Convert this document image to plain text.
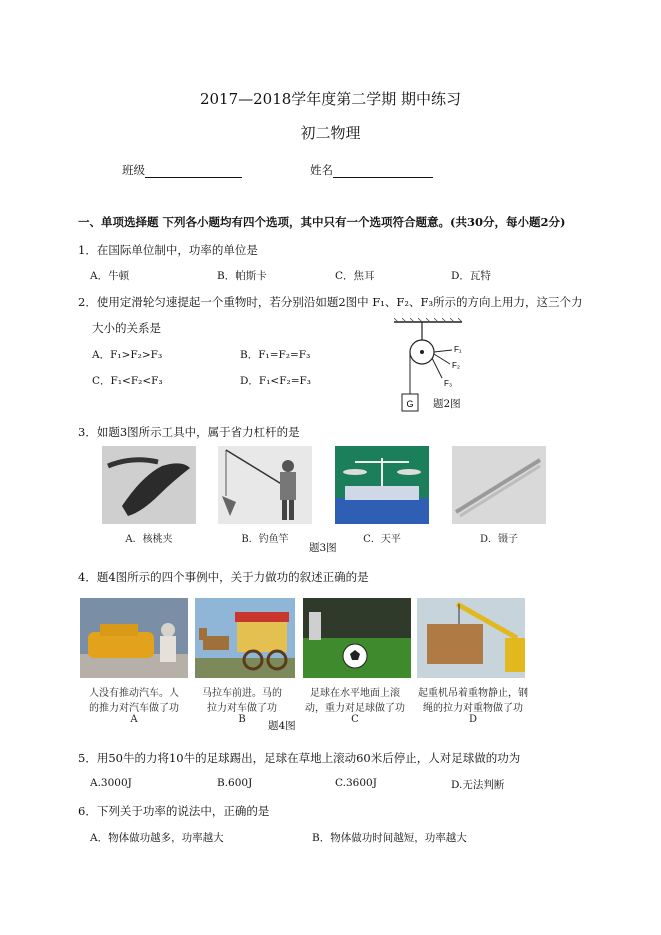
2017—2018学年度第二学期 期中练习
初二物理
班级	姓名
一、单项选择题 下列各小题均有四个选项，其中只有一个选项符合题意。(共30分，每小题2分)
1．在国际单位制中，功率的单位是
A．牛顿	B．帕斯卡	C．焦耳	D．瓦特
2．使用定滑轮匀速提起一个重物时，若分别沿如题2图中 F₁、F₂、F₃所示的方向上用力，这三个力
大小的关系是
A．F₁>F₂>F₃	B．F₁=F₂=F₃
C．F₁<F₂<F₃	D．F₁<F₂=F₃
G
F₁
F₂
F₃
题2图
3．如题3图所示工具中，属于省力杠杆的是
A．核桃夹	B．钓鱼竿	C．天平	D．镊子
题3图
4．题4图所示的四个事例中，关于力做功的叙述正确的是
人没有推动汽车。人
的推力对汽车做了功
A
马拉车前进。马的
拉力对车做了功
B
足球在水平地面上滚
动，重力对足球做了功
C
起重机吊着重物静止，钢
绳的拉力对重物做了功
D
题4图
5．用50牛的力将10牛的足球踢出，足球在草地上滚动60米后停止，人对足球做的功为
A.3000J	B.600J	C.3600J	D.无法判断
6．下列关于功率的说法中，正确的是
A．物体做功越多，功率越大	B．物体做功时间越短，功率越大
